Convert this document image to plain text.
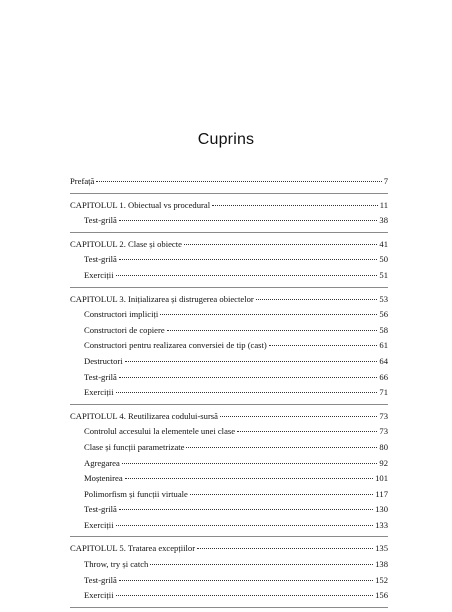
Cuprins
Prefață	7
CAPITOLUL 1. Obiectual vs procedural	11
Test-grilă	38
CAPITOLUL 2. Clase și obiecte	41
Test-grilă	50
Exerciții	51
CAPITOLUL 3. Inițializarea și distrugerea obiectelor	53
Constructori impliciți	56
Constructori de copiere	58
Constructori pentru realizarea conversiei de tip (cast)	61
Destructori	64
Test-grilă	66
Exerciții	71
CAPITOLUL 4. Reutilizarea codului-sursă	73
Controlul accesului la elementele unei clase	73
Clase și funcții parametrizate	80
Agregarea	92
Moștenirea	101
Polimorfism și funcții virtuale	117
Test-grilă	130
Exerciții	133
CAPITOLUL 5. Tratarea excepțiilor	135
Throw, try și catch	138
Test-grilă	152
Exerciții	156
